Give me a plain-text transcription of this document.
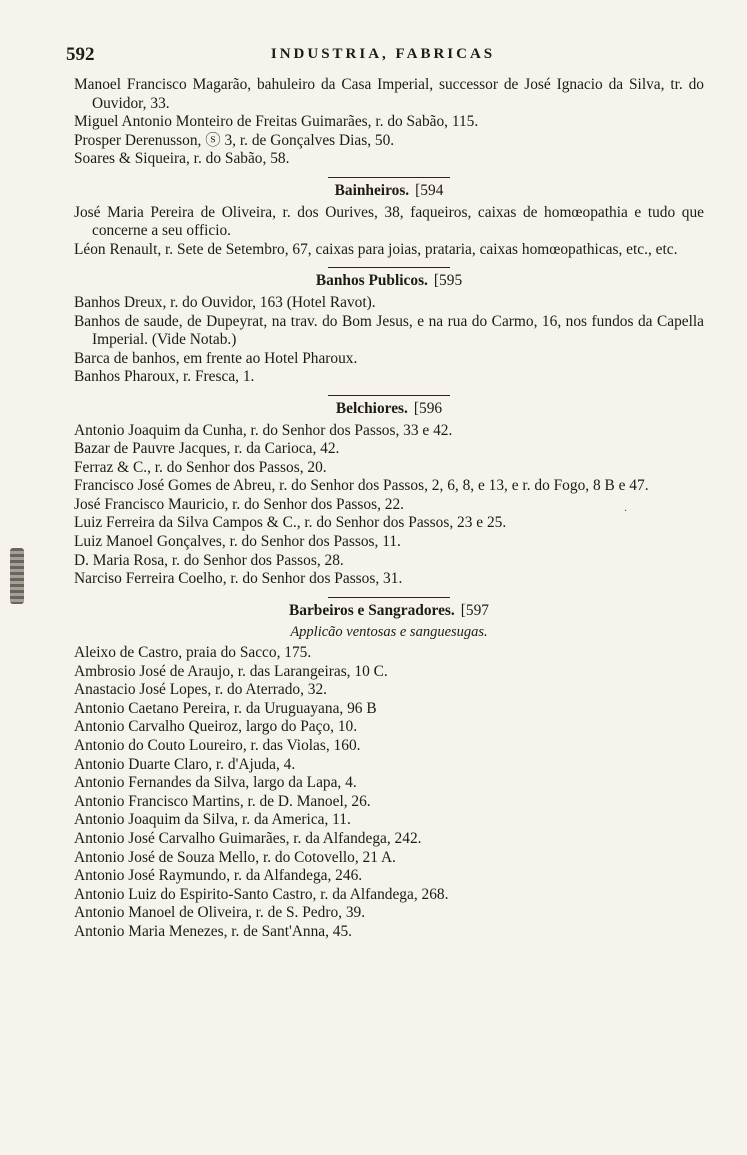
592	INDUSTRIA, FABRICAS
·

Manoel Francisco Magarão, bahuleiro da Casa Imperial, successor de José Ignacio da Silva, tr. do Ouvidor, 33.

Miguel Antonio Monteiro de Freitas Guimarães, r. do Sabão, 115.

Prosper Derenusson, ⓢ 3, r. de Gonçalves Dias, 50.

Soares & Siqueira, r. do Sabão, 58.

Bainheiros. [594

José Maria Pereira de Oliveira, r. dos Ourives, 38, faqueiros, caixas de homœopathia e tudo que concerne a seu officio.

Léon Renault, r. Sete de Setembro, 67, caixas para joias, prataria, caixas homœopathicas, etc., etc.

Banhos Publicos. [595

Banhos Dreux, r. do Ouvidor, 163 (Hotel Ravot).

Banhos de saude, de Dupeyrat, na trav. do Bom Jesus, e na rua do Carmo, 16, nos fundos da Capella Imperial. (Vide Notab.)

Barca de banhos, em frente ao Hotel Pharoux.

Banhos Pharoux, r. Fresca, 1.

Belchiores. [596

Antonio Joaquim da Cunha, r. do Senhor dos Passos, 33 e 42.

Bazar de Pauvre Jacques, r. da Carioca, 42.

Ferraz & C., r. do Senhor dos Passos, 20.

Francisco José Gomes de Abreu, r. do Senhor dos Passos, 2, 6, 8, e 13, e r. do Fogo, 8 B e 47.

José Francisco Mauricio, r. do Senhor dos Passos, 22.

Luiz Ferreira da Silva Campos & C., r. do Senhor dos Passos, 23 e 25.

Luiz Manoel Gonçalves, r. do Senhor dos Passos, 11.

D. Maria Rosa, r. do Senhor dos Passos, 28.

Narciso Ferreira Coelho, r. do Senhor dos Passos, 31.

Barbeiros e Sangradores. [597
Applicão ventosas e sanguesugas.

Aleixo de Castro, praia do Sacco, 175.

Ambrosio José de Araujo, r. das Larangeiras, 10 C.

Anastacio José Lopes, r. do Aterrado, 32.

Antonio Caetano Pereira, r. da Uruguayana, 96 B

Antonio Carvalho Queiroz, largo do Paço, 10.

Antonio do Couto Loureiro, r. das Violas, 160.

Antonio Duarte Claro, r. d'Ajuda, 4.

Antonio Fernandes da Silva, largo da Lapa, 4.

Antonio Francisco Martins, r. de D. Manoel, 26.

Antonio Joaquim da Silva, r. da America, 11.

Antonio José Carvalho Guimarães, r. da Alfandega, 242.

Antonio José de Souza Mello, r. do Cotovello, 21 A.

Antonio José Raymundo, r. da Alfandega, 246.

Antonio Luiz do Espirito-Santo Castro, r. da Alfandega, 268.

Antonio Manoel de Oliveira, r. de S. Pedro, 39.

Antonio Maria Menezes, r. de Sant'Anna, 45.
